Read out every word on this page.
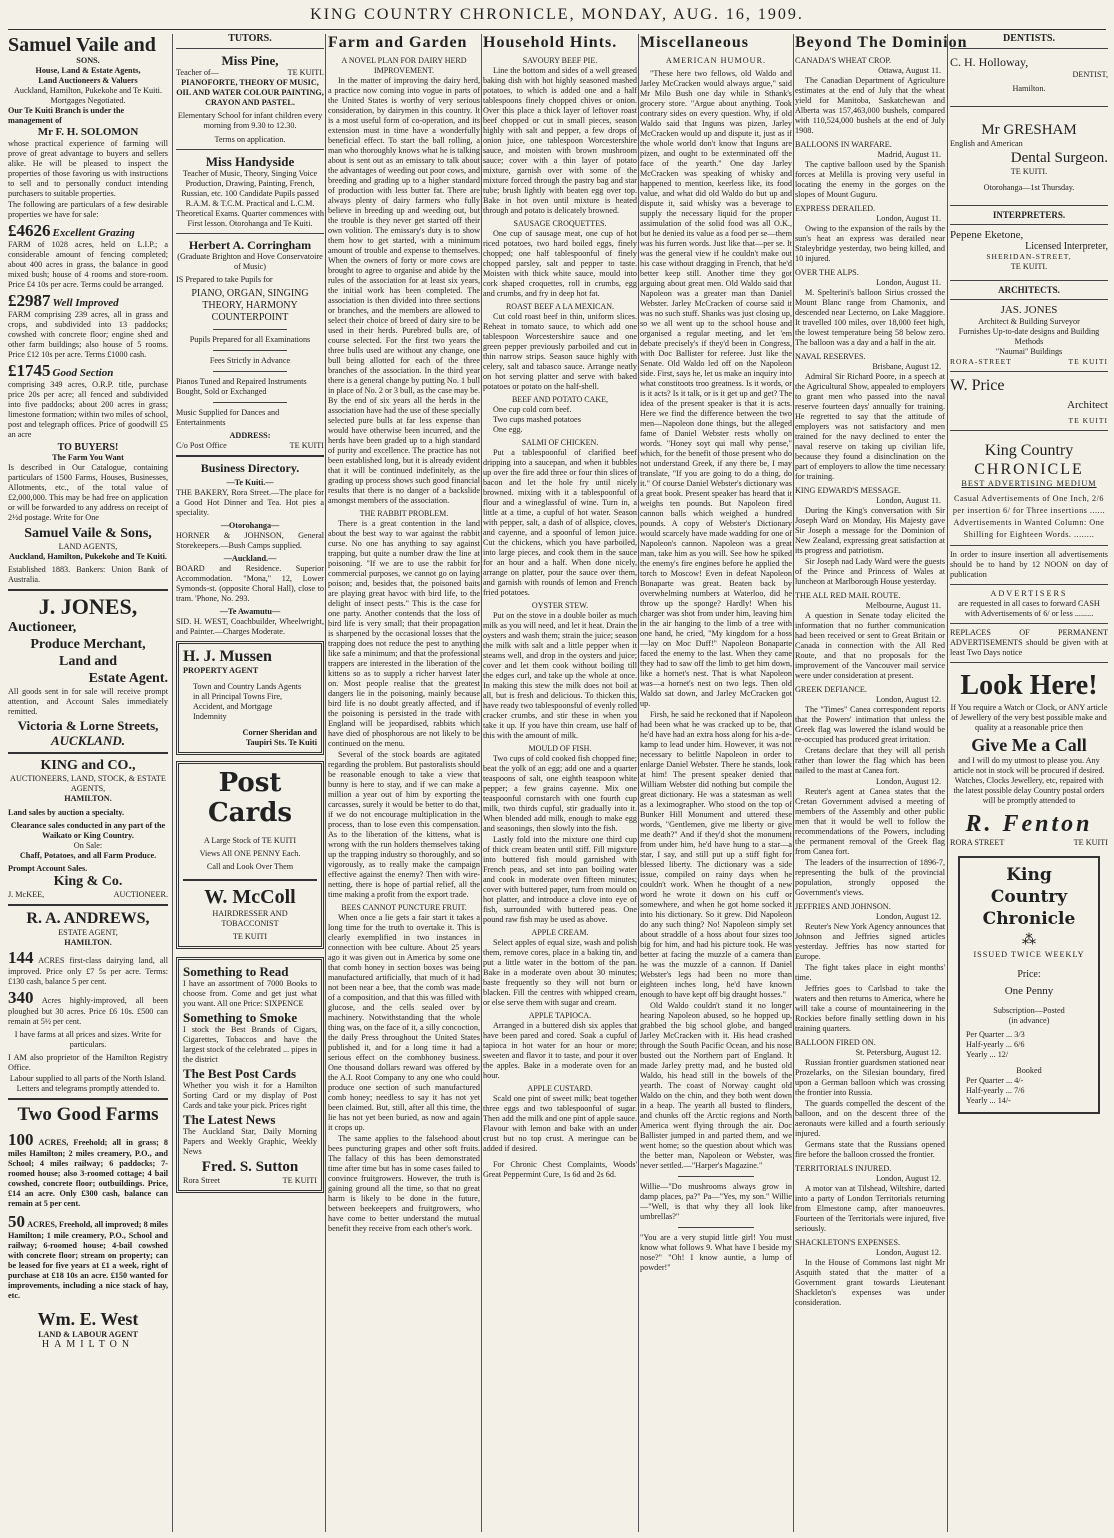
KING COUNTRY CHRONICLE, MONDAY, AUG. 16, 1909.
Samuel Vaile and
SONS.
House, Land & Estate Agents,
Land Auctioneers & Valuers
Auckland, Hamilton, Pukekohe and Te Kuiti.
Mortgages Negotiated.
Our Te Kuiti Branch is under the management of
Mr F. H. SOLOMON

whose practical experience of farming will prove of great advantage to buyers and sellers alike. He will be pleased to inspect the properties of those favoring us with instructions to sell and to personally conduct intending purchasers to suitable properties.

The following are particulars of a few desirable properties we have for sale:

£4626 Excellent Grazing

FARM of 1028 acres, held on L.I.P.; a considerable amount of fencing completed; about 400 acres in grass, the balance in good mixed bush; house of 4 rooms and store-room. Price £4 10s per acre. Terms could be arranged.

£2987 Well Improved

FARM comprising 239 acres, all in grass and crops, and subdivided into 13 paddocks; cowshed with concrete floor; engine shed and other farm buildings; also house of 5 rooms. Price £12 10s per acre. Terms £1000 cash.

£1745 Good Section

comprising 349 acres, O.R.P. title, purchase price 20s per acre; all fenced and subdivided into five paddocks; about 200 acres in grass; limestone formation; within two miles of school, post and telegraph offices. Price of goodwill £5 an acre

TO BUYERS!
The Farm You Want

Is described in Our Catalogue, containing particulars of 1500 Farms, Houses, Businesses, Allotments, etc., of the total value of £2,000,000. This may be had free on application or will be forwarded to any address on receipt of 2½d postage. Write for One

Samuel Vaile & Sons,
LAND AGENTS,
Auckland, Hamilton, Pukekohe and Te Kuiti.

Established 1883. Bankers: Union Bank of Australia.

J. JONES,
Auctioneer,
Produce Merchant,
Land and
Estate Agent.

All goods sent in for sale will receive prompt attention, and Account Sales immediately remitted.

Victoria & Lorne Streets,
AUCKLAND.
KING and CO.,
AUCTIONEERS, LAND, STOCK, & ESTATE AGENTS,
HAMILTON.
Land sales by auction a specialty.
Clearance sales conducted in any part of the Waikato or King Country.
On Sale:
Chaff, Potatoes, and all Farm Produce.
Prompt Account Sales.
King & Co.
J. McKEE,	AUCTIONEER.
R. A. ANDREWS,
ESTATE AGENT,
HAMILTON.

144 ACRES first-class dairying land, all improved. Price only £7 5s per acre. Terms: £130 cash, balance 5 per cent.

340 Acres highly-improved, all been ploughed but 30 acres. Price £6 10s. £500 can remain at 5½ per cent.

I have farms at all prices and sizes. Write for particulars.

I AM also proprietor of the Hamilton Registry Office.

Labour supplied to all parts of the North Island.
Letters and telegrams promptly attended to.
Two Good Farms

100 ACRES, Freehold; all in grass; 8 miles Hamilton; 2 miles creamery, P.O., and School; 4 miles railway; 6 paddocks; 7-roomed house; also 3-roomed cottage; 4 bail cowshed, concrete floor; outbuildings. Price, £14 an acre. Only £300 cash, balance can remain at 5 per cent.

50 ACRES, Freehold, all improved; 8 miles Hamilton; 1 mile creamery, P.O., School and railway; 6-roomed house; 4-bail cowshed with concrete floor; stream on property; can be leased for five years at £1 a week, right of purchase at £18 10s an acre. £150 wanted for improvements, including a nice stack of hay, etc.

Wm. E. West
LAND & LABOUR AGENT
HAMILTON
TUTORS.
Miss Pine,
Teacher of—	TE KUITI.
PIANOFORTE, THEORY OF MUSIC, OIL AND WATER COLOUR PAINTING, CRAYON AND PASTEL.
Elementary School for infant children every morning from 9.30 to 12.30.
Terms on application.
Miss Handyside
Teacher of Music, Theory, Singing Voice Production, Drawing, Painting, French, Russian, etc. 100 Candidate Pupils passed R.A.M. & T.C.M. Practical and L.C.M. Theoretical Exams. Quarter commences with First lesson. Otorohanga and Te Kuiti.
Herbert A. Corringham
(Graduate Brighton and Hove Conservatoire of Music)
IS Prepared to take Pupils for
PIANO, ORGAN, SINGING THEORY, HARMONY COUNTERPOINT
Pupils Prepared for all Examinations
Fees Strictly in Advance
Pianos Tuned and Repaired Instruments Bought, Sold or Exchanged
Music Supplied for Dances and Entertainments
ADDRESS:
C/o Post Office	TE KUITI
Business Directory.
—Te Kuiti.—

THE BAKERY, Rora Street.—The place for a Good Hot Dinner and Tea. Hot pies a speciality.

—Otorohanga—

HORNER & JOHNSON, General Storekeepers.—Bush Camps supplied.

—Auckland.—

BOARD and Residence. Superior Accommodation. "Mona," 12, Lower Symonds-st. (opposite Choral Hall), close to tram. 'Phone, No. 293.

—Te Awamutu—

SID. H. WEST, Coachbuilder, Wheelwright, and Painter.—Charges Moderate.

H. J. Mussen
PROPERTY AGENT
Town and Country Lands Agents in all Principal Towns Fire, Accident, and Mortgage Indemnity
Corner Sheridan and
Taupiri Sts. Te Kuiti
Post Cards
A Large Stock of TE KUITI Views All ONE PENNY Each. Call and Look Over Them
W. McColl
HAIRDRESSER AND TOBACCONIST
TE KUITI
Something to Read

I have an assortment of 7000 Books to choose from. Come and get just what you want. All one Price: SIXPENCE

Something to Smoke

I stock the Best Brands of Cigars, Cigarettes, Tobaccos and have the largest stock of the celebrated ... pipes in the district

The Best Post Cards

Whether you wish it for a Hamilton Sorting Card or my display of Post Cards and take your pick. Prices right

The Latest News

The Auckland Star, Daily Morning Papers and Weekly Graphic, Weekly News

Fred. S. Sutton
Rora Street	TE KUITI
Farm and Garden
A NOVEL PLAN FOR DAIRY HERD IMPROVEMENT.

In the matter of improving the dairy herd, a practice now coming into vogue in parts of the United States is worthy of very serious consideration, by dairymen in this country. It is a most useful form of co-operation, and its extension must in time have a wonderfully beneficial effect. To start the ball rolling, a man who thoroughly knows what he is talking about is sent out as an emissary to talk about the advantages of weeding out poor cows, and breeding and grading up to a higher standard of production with less butter fat. There are always plenty of dairy farmers who fully believe in breeding up and weeding out, but the trouble is they never get started off their own volition. The emissary's duty is to show them how to get started, with a minimum amount of trouble and expense to themselves. When the owners of forty or more cows are brought to agree to organise and abide by the rules of the association for at least six years, the initial work has been completed. The association is then divided into three sections or branches, and the members are allowed to select their choice of breed of dairy sire to be used in their herds. Purebred bulls are, of course selected. For the first two years the three bulls used are without any change, one bull being allotted for each of the three branches of the association. In the third year there is a general change by putting No. 1 bull in place of No. 2 or 3 bull, as the case may be. By the end of six years all the herds in the association have had the use of these specially selected pure bulls at far less expense than would have otherwise been incurred, and the herds have been graded up to a high standard of purity and excellence. The practice has not been established long, but it is already evident that it will be continued indefinitely, as the grading up process shows such good financial results that there is no danger of a backslide amongst members of the association.

THE RABBIT PROBLEM.

There is a great contention in the land about the best way to war against the rabbit curse. No one has anything to say against trapping, but quite a number draw the line at poisoning. "If we are to use the rabbit for commercial purposes, we cannot go on laying poison; and, besides that, the poisoned baits are playing great havoc with bird life, to the delight of insect pests." This is the case for one party. Another contends that the loss of bird life is very small; that their propagation is sharpened by the occasional losses that the trapping does not reduce the pest to anything like safe a minimum; and that the professional trappers are interested in the liberation of the kittens so as to supply a richer harvest later on. Most people realise that the greatest dangers lie in the poisoning, mainly because bird life is no doubt greatly affected, and if the poisoning is persisted in the trade with England will be jeopardised, rabbits which have died of phosphorous are not likely to be continued on the menu.

Several of the stock boards are agitated regarding the problem. But pastoralists should be reasonable enough to take a view that bunny is here to stay, and if we can make a million a year out of him by exporting the carcasses, surely it would be better to do that, if we do not encourage multiplication in the process, than to lose even this compensation. As to the liberation of the kittens, what is wrong with the run holders themselves taking up the trapping industry so thoroughly, and so vigorously, as to really make the campaign effective against the enemy? Then with wire-netting, there is hope of partial relief, all the time making a profit from the export trade.

BEES CANNOT PUNCTURE FRUIT.

When once a lie gets a fair start it takes a long time for the truth to overtake it. This is clearly exemplified in two instances in connection with bee culture. About 25 years ago it was given out in America by some one that comb honey in section boxes was being manufactured artificially, that much of it had not been near a bee, that the comb was made of a composition, and that this was filled with glucose, and the cells sealed over by machinery. Notwithstanding that the whole thing was, on the face of it, a silly concoction, the daily Press throughout the United States published it, and for a long time it had a serious effect on the combhoney business. One thousand dollars reward was offered by the A.I. Root Company to any one who could produce one section of such manufactured comb honey; needless to say it has not yet been claimed. But, still, after all this time, the lie has not yet been buried, as now and again it crops up.

The same applies to the falsehood about bees puncturing grapes and other soft fruits. The fallacy of this has been demonstrated time after time but has in some cases failed to convince fruitgrowers. However, the truth is gaining ground all the time, so that no great harm is likely to be done in the future, between beekeepers and fruitgrowers, who have come to better understand the mutual benefit they receive from each other's work.

Household Hints.
SAVOURY BEEF PIE.

Line the bottom and sides of a well greased baking dish with hot highly seasoned mashed potatoes, to which is added one and a half tablespoons finely chopped chives or onion. Over this place a thick layer of leftover roast beef chopped or cut in small pieces, season highly with salt and pepper, a few drops of onion juice, one tablespoon Worcestershire sauce, and moisten with brown mushroom sauce; cover with a thin layer of potato mixture, garnish over with some of the mixture forced through the pastry bag and star tube; brush lightly with beaten egg over top. Bake in hot oven until mixture is heated through and potato is delicately browned.

SAUSAGE CROQUETTES.

One cup of sausage meat, one cup of hot riced potatoes, two hard boiled eggs, finely chopped; one half tablespoonful of finely chopped parsley, salt and pepper to taste. Moisten with thick white sauce, mould into cork shaped croquettes, roll in crumbs, egg and crumbs, and fry in deep hot fat.

ROAST BEEF A LA MEXICAN.

Cut cold roast beef in thin, uniform slices. Reheat in tomato sauce, to which add one tablespoon Worcestershire sauce and one green pepper previously parboiled and cut in thin narrow strips. Season sauce highly with celery, salt and tabasco sauce. Arrange neatly on hot serving platter and serve with baked potatoes or potato on the half-shell.

BEEF AND POTATO CAKE,
One cup cold corn beef.
Two cups mashed potatoes
One egg.
SALMI OF CHICKEN.

Put a tablespoonful of clarified beef dripping into a saucepan, and when it bubbles up over the fire add three or four thin slices of bacon and let the hole fry until nicely browned. mixing with it a tablespoonful of flour and a wineglassful of wine. Turn in, a little at a time, a cupful of hot water. Season with pepper, salt, a dash of of allspice, cloves, and cayenne, and a spoonful of lemon juice. Cut the chickens, which you have parboiled, into large pieces, and cook them in the sauce for an hour and a half. When done nicely, arrange on platter, pour the sauce over them, and garnish with rounds of lemon and French fried potatoes.

OYSTER STEW.

Put on the stove in a double boiler as much milk as you will need, and let it heat. Drain the oysters and wash them; strain the juice; season the milk with salt and a little pepper when it steams well, and drop in the oysters and juice; cover and let them cook without boiling till the edges curl, and take up the whole at once. In making this stew the milk does not boil at all, but is fresh and delicious. To thicken this, have ready two tablespoonsful of evenly rolled cracker crumbs, and stir these in when you take it up. If you have thin cream, use half of this with the amount of milk.

MOULD OF FISH.

Two cups of cold cooked fish chopped fine; beat the yolk of an egg; add one and a quarter teaspoons of salt, one eighth teaspoon white pepper; a few grains cayenne. Mix one teaspoonful cornstarch with one fourth cup milk, two thirds cupful, stir gradually into it. When blended add milk, enough to make egg and seasonings, then slowly into the fish.

Lastly fold into the mixture one third cup of thick cream beaten until stiff. Fill migxture into buttered fish mould garnished with French peas, and set into pan boiling water and cook in moderate oven fifteen minutes; cover with buttered paper, turn from mould on hot platter, and introduce a clove into eye of fish, surrounded with buttered peas. One pound raw fish may be used as above.

APPLE CREAM.

Select apples of equal size, wash and polish them, remove cores, place in a baking tin, and put a little water in the bottom of the pan. Bake in a moderate oven about 30 minutes; baste frequently so they will not burn or blacken. Fill the centres with whipped cream, or else serve them with sugar and cream.

APPLE TAPIOCA.

Arranged in a buttered dish six apples that have been pared and cored. Soak a cupful of tapioca in hot water for an hour or more; sweeten and flavor it to taste, and pour it over the apples. Bake in a moderate oven for an hour.

APPLE CUSTARD.

Scald one pint of sweet milk; beat together three eggs and two tablespoonful of sugar. Then add the milk and one pint of apple sauce. Flavour with lemon and bake with an under crust but no top crust. A meringue can be added if desired.

For Chronic Chest Complaints, Woods' Great Peppermint Cure, 1s 6d and 2s 6d.

Miscellaneous
AMERICAN HUMOUR.

"These here two fellows, old Waldo and Jarley McCracken would always argue," said Mr Milo Bush one day while in Sthank's grocery store. "Argue about anything. Took contrary sides on every question. Why, if old Waldo said that Inguns was pizen, Jarley McCracken would up and dispute it, just as if the whole world don't know that Inguns are pizen, and ought to be exterminated off the face of the yearth." One day Jarley McCracken was speaking of whisky and happened to mention, keerless like, its food value, and what did old Waldo do but up and dispute it, said whisky was a beverage to supply the necessary liquid for the proper assimulation of the solid food was all O.K., but he denied its value as a food per se—them was his furren words. Just like that—per se. It was the general view if he couldn't make out his case without dragging in French, that he'd better keep still. Another time they got arguing about great men. Old Waldo said that Napoleon was a greater man than Daniel Webster. Jarley McCracken of course said it was no such stuff. Shanks was just closing up, so we all went up to the school house and organised a regular meeting, and let 'em debate precisely's if they'd been in Congress, with Doc Ballister for referee. Just like the Senate. Old Waldo led off on the Napoleon side. First, says he, let us make an inquiry into what constitoots troo greatness. Is it words, or is it acts? Is it talk, or is it get up and get? The idea of the present speaker is that it is acts. Here we find the difference between the two men—Napoleon done things, but the alleged fame of Daniel Webster rests wholly on words. "Honey soyt qui mall why pense," which, for the benefit of those present who do not understand Greek, if any there be, I may translate, "If you are going to do a thing, do it." Of course Daniel Webster's dictionary was a great book. Present speaker has heard that it weighs ten pounds. But Napoleon fired cannon balls which weighed a hundred pounds. A copy of Webster's Dictionary would scarcely have made wadding for one of Napoleon's cannon. Napoleon was a great man, take him as you will. See how he spiked the enemy's fire engines before he applied the torch to Moscow! Even in defeat Napoleon Bonaparte was great. Beaten back by overwhelming numbers at Waterloo, did he throw up the sponge? Hardly! When his charger was shot from under him, leaving him in the air hanging to the limb of a tree with one hand, he cried, "My kingdom for a hoss—lay on Moc Duff!" Napoleon Bonaparte faced the enemy to the last. When they came they had to saw off the limb to get him down, like a hornet's nest. That is what Napoleon was—a hornet's nest on two legs. Then old Waldo sat down, and Jarley McCracken got up.

Firsh, he said he reckoned that if Napoleon had been what he was cracked up to be, that he'd have had an extra hoss along for his a-de-kamp to lead under him. However, it was not necessary to belittle Napoleon in order to enlarge Daniel Webster. There he stands, look at him! The present speaker denied that William Webster did nothing but compile the great dictionary. He was a statesman as well as a leximographer. Who stood on the top of Bunker Hill Monument and uttered these words, "Gentlemen, give me liberty or give me death?" And if they'd shot the monument from under him, he'd have hung to a star—a star, I say, and still put up a stiff fight for blessed liberty. The dictionary was a side issue, compiled on rainy days when he couldn't work. When he thought of a new word he wrote it down on his cuff or somewhere, and when he got home socked it into his dictionary. So it grew. Did Napoleon do any such thing? No! Napoleon simply set about straddle of a hoss about four sizes too big for him, and had his picture took. He was better at facing the muzzle of a camera than he was the muzzle of a cannon. If Daniel Webster's legs had been no more than eighteen inches long, he'd have known enough to have kept off big draught hosses."

Old Waldo couldn't stand it no longer hearing Napoleon abused, so he hopped up, grabbed the big school globe, and banged Jarley McCracken with it. His head crashed through the South Pacific Ocean, and his nose busted out the Northern part of England. It made Jarley pretty mad, and he busted old Waldo, his head still in the bowels of the yearth. The coast of Norway caught old Waldo on the chin, and they both went down in a heap. The yearth all busted to flinders, and chunks off the Arctic regions and North America went flying through the air. Doc Ballister jumped in and parted them, and we went home; so the question about which was the better man, Napoleon or Webster, was never settled.—"Harper's Magazine."

Willie—"Do mushrooms always grow in damp places, pa?" Pa—"Yes, my son." Willie—"Well, is that why they all look like umbrellas?"

"You are a very stupid little girl! You must know what follows 9. What have I beside my nose?" "Oh! I know auntie, a lump of powder!"

Beyond The Dominion
CANADA'S WHEAT CROP.
Ottawa, August 11.

The Canadian Department of Agriculture estimates at the end of July that the wheat yield for Manitoba, Saskatchewan and Alberta was 157,463,000 bushels, compared with 110,524,000 bushels at the end of July 1908.

BALLOONS IN WARFARE.
Madrid, August 11.

The captive balloon used by the Spanish forces at Melilla is proving very useful in locating the enemy in the gorges on the slopes of Mount Guguru.

EXPRESS DERAILED.
London, August 11.

Owing to the expansion of the rails by the sun's heat an express was derailed near Staleybridge yesterday, two being killed, and 10 injured.

OVER THE ALPS.
London, August 11.

M. Spelterini's balloon Sirius crossed the Mount Blanc range from Chamonix, and descended near Lecterno, on Lake Maggiore. It travelled 100 miles, over 18,000 feet high, the lowest temperature being 58 below zero. The balloon was a day and a half in the air.

NAVAL RESERVES.
Brisbane, August 12.

Admiral Sir Richard Poore, in a speech at the Agricultural Show, appealed to employers to grant men who passed into the naval reserve fourteen days' annually for training. He regretted to say that the attitude of employers was not satisfactory and men trained for the navy declined to enter the naval reserve on taking up civilian life, because they found a disinclination on the part of employers to allow the time necessary for training.

KING EDWARD'S MESSAGE.
London, August 11.

During the King's conversation with Sir Joseph Ward on Monday, His Majesty gave Sir Joseph a message for the Dominion of New Zealand, expressing great satisfaction at its progress and patriotism.

Sir Joseph nad Lady Ward were the guests of the Prince and Princess of Wales at luncheon at Marlborough House yesterday.

THE ALL RED MAIL ROUTE.
Melbourne, August 11.

A question in Senate today elicited the information that no further communication had been received or sent to Great Britain or Canada in connection with the All Red Route, and that no proposals for the improvement of the Vancouver mail service were under consideration at present.

GREEK DEFIANCE.
London, August 12.

The "Times" Canea correspondent reports that the Powers' intimation that unless the Greek flag was lowered the island would be re-occupied has produced great irritation.

Cretans declare that they will all perish rather than lower the flag which has been nailed to the mast at Canea fort.

London, August 12.

Reuter's agent at Canea states that the Cretan Government advised a meeting of members of the Assembly and other public men that it would be well to follow the recommendations of the Powers, including the permanent removal of the Greek flag from Canea fort.

The leaders of the insurrection of 1896-7, representing the bulk of the provincial population, strongly opposed the Government's views.

JEFFRIES AND JOHNSON.
London, August 12.

Reuter's New York Agency announces that Johnson and Jeffries signed articles yesterday. Jeffries has now started for Europe.

The fight takes place in eight months' time.

Jeffries goes to Carlsbad to take the waters and then returns to America, where he will take a course of mountaineering in the Rockies before finally settling down in his training quarters.

BALLOON FIRED ON.
St. Petersburg, August 12.

Russian frontier guardsmen stationed near Prozelarks, on the Silesian boundary, fired upon a German balloon which was crossing the frontier into Russia.

The guards compelled the descent of the balloon, and on the descent three of the aeronauts were killed and a fourth seriously injured.

Germans state that the Russians opened fire before the balloon crossed the frontier.

TERRITORIALS INJURED.
London, August 12.

A motor van at Tilshead, Wiltshire, darted into a party of London Territorials returning from Elmestone camp, after manoeuvres. Fourteen of the Territorials were injured, five seriously.

SHACKLETON'S EXPENSES.
London, August 12.

In the House of Commons last night Mr Asquith stated that the matter of a Government grant towards Lieutenant Shackleton's expenses was under consideration.

DENTISTS.
C. H. Holloway,
DENTIST,
Hamilton.
Mr GRESHAM
English and American
Dental Surgeon.
TE KUITI.
Otorohanga—1st Thursday.
INTERPRETERS.
Pepene Eketone,
Licensed Interpreter,
SHERIDAN-STREET,
TE KUITI.
ARCHITECTS.
JAS. JONES
Architect & Building Surveyor
Furnishes Up-to-date designs and Building Methods
"Naumai" Buildings
RORA-STREET	TE KUITI
W. Price
Architect
TE KUITI
King Country
CHRONICLE
BEST ADVERTISING MEDIUM

Casual Advertisements of One Inch, 2/6 per insertion 6/ for Three insertions ...... Advertisements in Wanted Column: One Shilling for Eighteen Words. ........

In order to insure insertion all advertisements should be to hand by 12 NOON on day of publication

ADVERTISERS

are requested in all cases to forward CASH with Advertisements of 6/ or less .........

REPLACES OF PERMANENT ADVERTISEMENTS should be given with at least Two Days notice

Look Here!

If You require a Watch or Clock, or ANY article of Jewellery of the very best possible make and quality at a reasonable price then

Give Me a Call

and I will do my utmost to please you. Any article not in stock will be procured if desired. Watches, Clocks Jewellery, etc, repaired with the latest possible delay Country postal orders will be promptly attended to

R. Fenton
RORA STREET	TE KUITI
King
Country
Chronicle
⁂
ISSUED TWICE WEEKLY
Price:
One Penny
Subscription—Posted
(in advance)
Per Quarter ... 3/3
Half-yearly ... 6/6
Yearly ... 12/
Booked
Per Quarter ... 4/-
Half-yearly ... 7/6
Yearly ... 14/-
